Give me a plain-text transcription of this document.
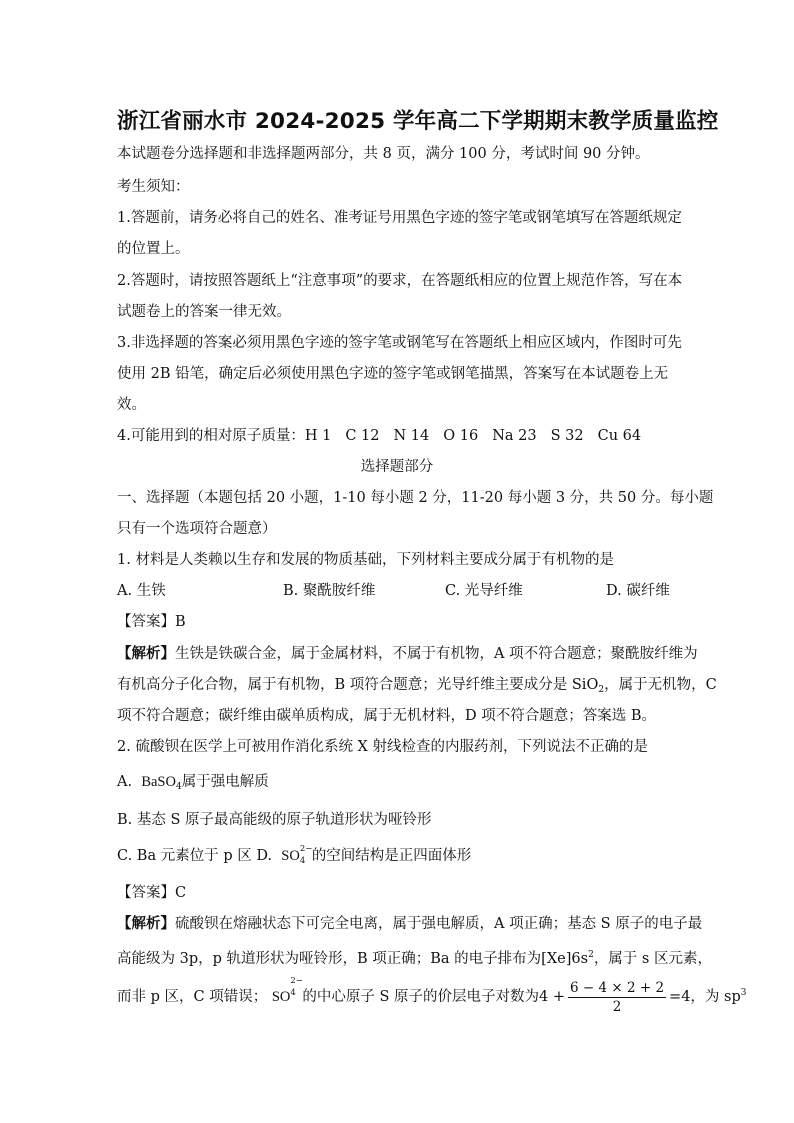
浙江省丽水市 2024-2025 学年高二下学期期末教学质量监控
本试题卷分选择题和非选择题两部分，共 8 页，满分 100 分，考试时间 90 分钟。
考生须知：
1.答题前，请务必将自己的姓名、准考证号用黑色字迹的签字笔或钢笔填写在答题纸规定
的位置上。
2.答题时，请按照答题纸上“注意事项”的要求，在答题纸相应的位置上规范作答，写在本
试题卷上的答案一律无效。
3.非选择题的答案必须用黑色字迹的签字笔或钢笔写在答题纸上相应区域内，作图时可先
使用 2B 铅笔，确定后必须使用黑色字迹的签字笔或钢笔描黑，答案写在本试题卷上无
效。
4.可能用到的相对原子质量：H 1 C 12 N 14 O 16 Na 23 S 32 Cu 64
选择题部分
一、选择题（本题包括 20 小题，1-10 每小题 2 分，11-20 每小题 3 分，共 50 分。每小题
只有一个选项符合题意）
1. 材料是人类赖以生存和发展的物质基础，下列材料主要成分属于有机物的是
A. 生铁	B. 聚酰胺纤维	C. 光导纤维	D. 碳纤维
【答案】B
【解析】生铁是铁碳合金，属于金属材料，不属于有机物，A 项不符合题意；聚酰胺纤维为
有机高分子化合物，属于有机物，B 项符合题意；光导纤维主要成分是 SiO$_2$，属于无机物，C
项不符合题意；碳纤维由碳单质构成，属于无机材料，D 项不符合题意；答案选 B。
2. 硫酸钡在医学上可被用作消化系统 X 射线检查的内服药剂，下列说法不正确的是
A. BaSO$_4$属于强电解质
B. 基态 S 原子最高能级的原子轨道形状为哑铃形
C. Ba 元素位于 p 区 D. SO 2−
4 的空间结构是正四面体形
【答案】C
【解析】硫酸钡在熔融状态下可完全电离，属于强电解质，A 项正确；基态 S 原子的电子最
高能级为 3p，p 轨道形状为哑铃形，B 项正确；Ba 的电子排布为$[Xe]6s^2$，属于 s 区元素，
而非 p 区，C 项错误； SO
2−
4 的中心原子 S 原子的价层电子对数为$4 + \frac{6 - 4 \times 2 + 2}{2} =4$，为 $sp^3$
